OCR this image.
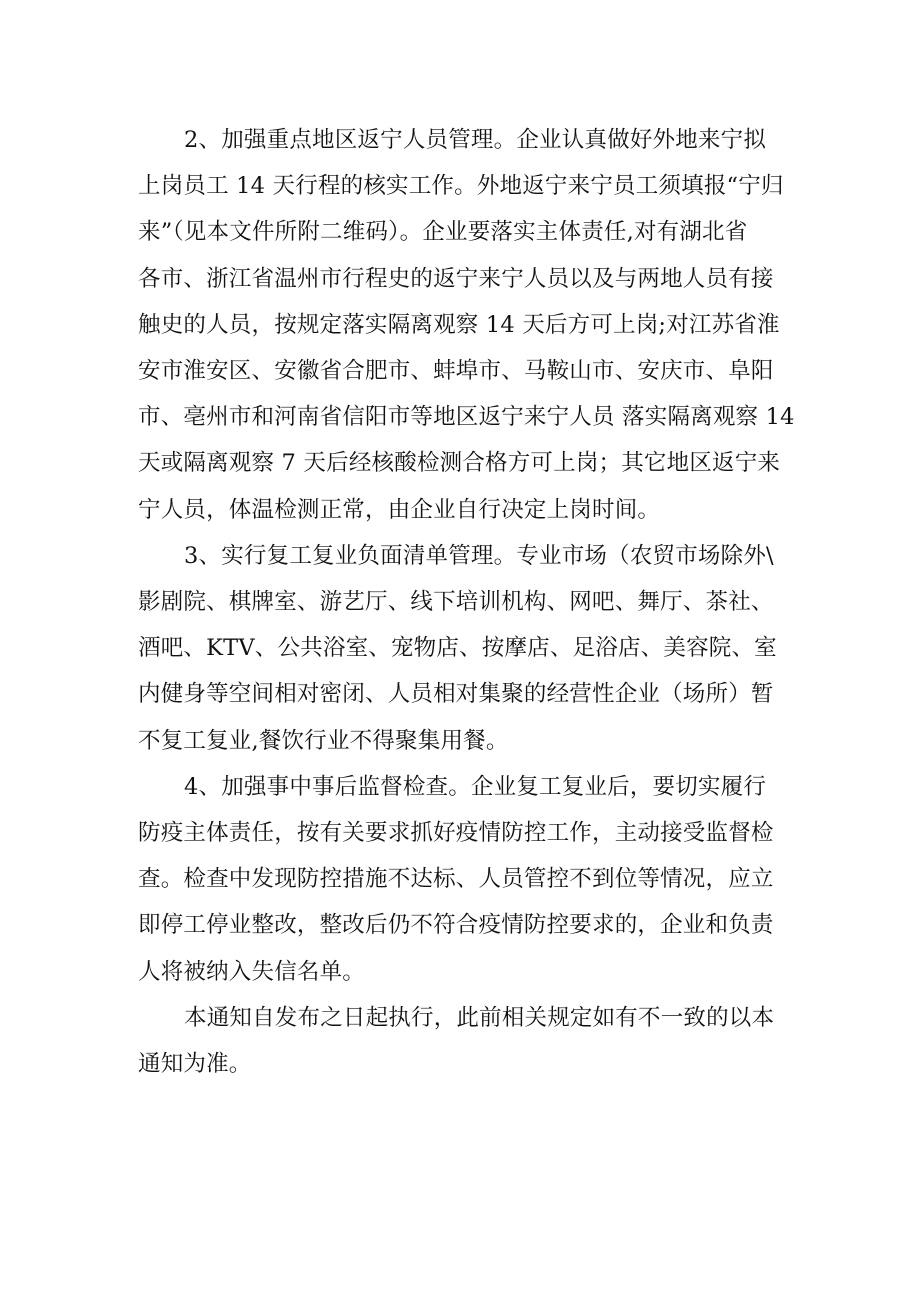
2、加强重点地区返宁人员管理。企业认真做好外地来宁拟
上岗员工 14 天行程的核实工作。外地返宁来宁员工须填报“宁归
来”（见本文件所附二维码）。企业要落实主体责任,对有湖北省
各市、浙江省温州市行程史的返宁来宁人员以及与两地人员有接
触史的人员，按规定落实隔离观察 14 天后方可上岗;对江苏省淮
安市淮安区、安徽省合肥市、蚌埠市、马鞍山市、安庆市、阜阳
市、亳州市和河南省信阳市等地区返宁来宁人员 落实隔离观察 14
天或隔离观察 7 天后经核酸检测合格方可上岗；其它地区返宁来
宁人员，体温检测正常，由企业自行决定上岗时间。

3、实行复工复业负面清单管理。专业市场（农贸市场除外\
影剧院、棋牌室、游艺厅、线下培训机构、网吧、舞厅、茶社、
酒吧、KTV、公共浴室、宠物店、按摩店、足浴店、美容院、室
内健身等空间相对密闭、人员相对集聚的经营性企业（场所）暂
不复工复业,餐饮行业不得聚集用餐。

4、加强事中事后监督检查。企业复工复业后，要切实履行
防疫主体责任，按有关要求抓好疫情防控工作，主动接受监督检
查。检查中发现防控措施不达标、人员管控不到位等情况，应立
即停工停业整改，整改后仍不符合疫情防控要求的，企业和负责
人将被纳入失信名单。

本通知自发布之日起执行，此前相关规定如有不一致的以本
通知为准。
